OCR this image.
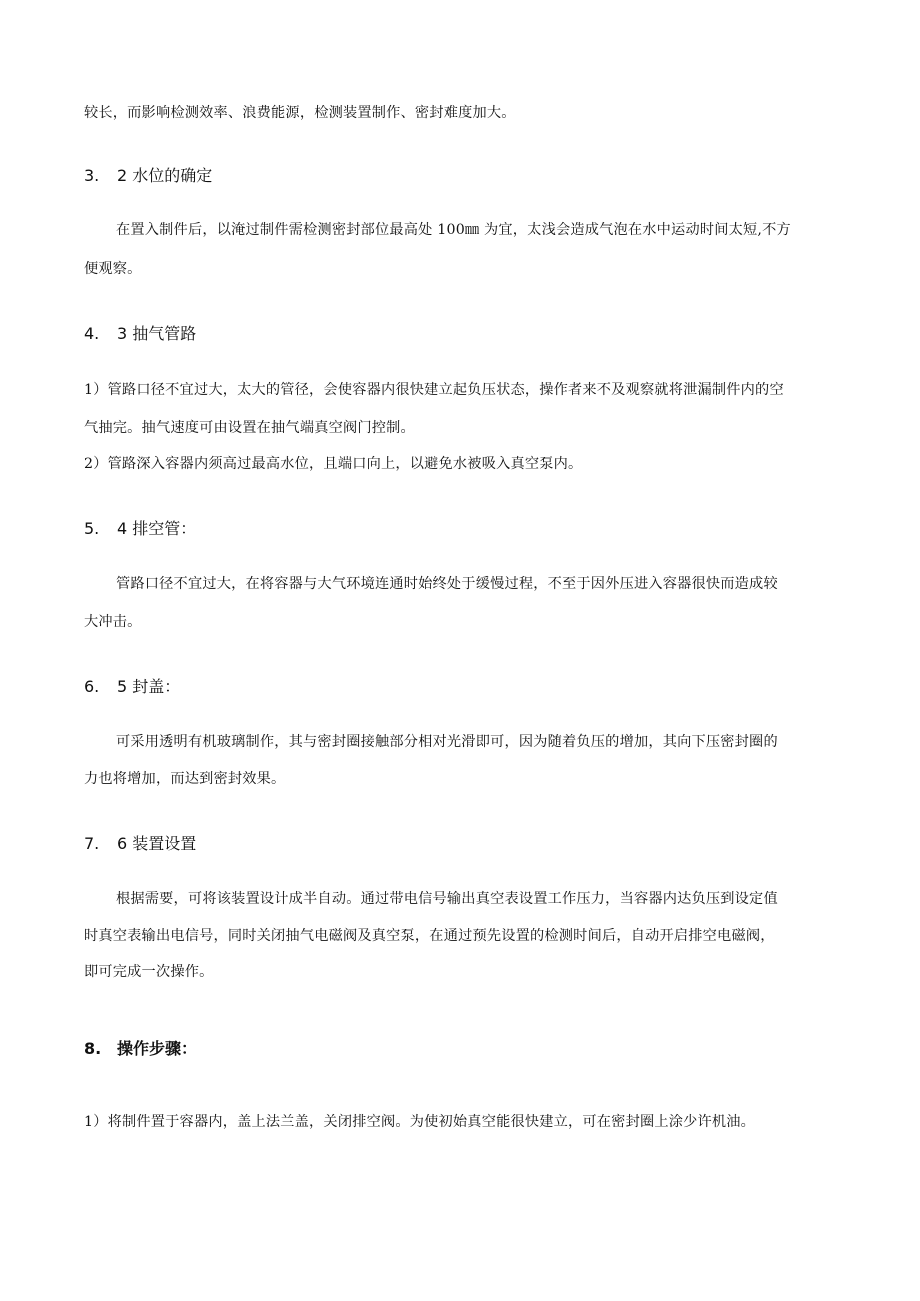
较长，而影响检测效率、浪费能源，检测装置制作、密封难度加大。
3. 2 水位的确定
在置入制件后，以淹过制件需检测密封部位最高处 100㎜ 为宜，太浅会造成气泡在水中运动时间太短,不方
便观察。
4. 3 抽气管路
1）管路口径不宜过大，太大的管径，会使容器内很快建立起负压状态，操作者来不及观察就将泄漏制件内的空
气抽完。抽气速度可由设置在抽气端真空阀门控制。
2）管路深入容器内须高过最高水位，且端口向上，以避免水被吸入真空泵内。
5. 4 排空管：
管路口径不宜过大，在将容器与大气环境连通时始终处于缓慢过程，不至于因外压进入容器很快而造成较
大冲击。
6. 5 封盖：
可采用透明有机玻璃制作，其与密封圈接触部分相对光滑即可，因为随着负压的增加，其向下压密封圈的
力也将增加，而达到密封效果。
7. 6 装置设置
根据需要，可将该装置设计成半自动。通过带电信号输出真空表设置工作压力，当容器内达负压到设定值
时真空表输出电信号，同时关闭抽气电磁阀及真空泵，在通过预先设置的检测时间后，自动开启排空电磁阀，
即可完成一次操作。
8. 操作步骤：
1）将制件置于容器内，盖上法兰盖，关闭排空阀。为使初始真空能很快建立，可在密封圈上涂少许机油。
